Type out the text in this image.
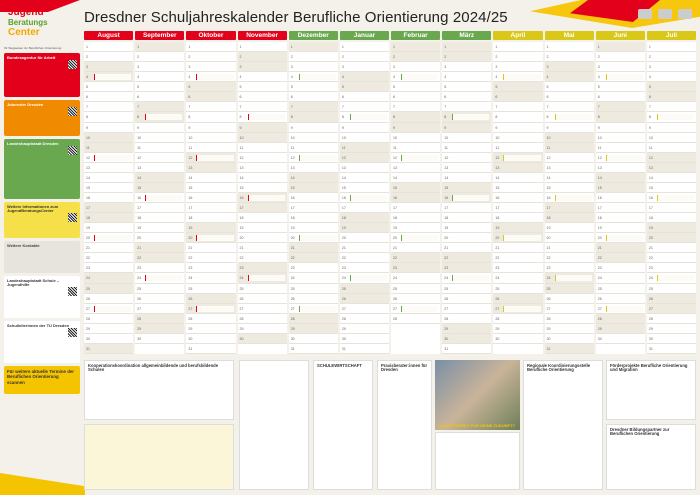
Jugend
Beratungs
Center
Dresdner Schuljahreskalender Berufliche Orientierung 2024/25
Ihr Wegweiser zur Beruflichen Orientierung
Bundesagentur für Arbeit
Jobcenter Dresden
Landeshauptstadt Dresden
Weitere Informationen zum JugendBeratungsCenter
Weitere Kontakte
Landeshauptstadt Schule – Jugendhilfe
Schulleiterinnen der TU Dresden
Für weitere aktuelle Termine der Beruflichen Orientierung scannen
August
1
2
3
4
5
6
7
8
9
10
11
12
13
14
15
16
17
18
19
20
21
22
23
24
25
26
27
28
29
30
31
September
1
2
3
4
5
6
7
8
9
10
11
12
13
14
15
16
17
18
19
20
21
22
23
24
25
26
27
28
29
30
Oktober
1
2
3
4
5
6
7
8
9
10
11
12
13
14
15
16
17
18
19
20
21
22
23
24
25
26
27
28
29
30
31
November
1
2
3
4
5
6
7
8
9
10
11
12
13
14
15
16
17
18
19
20
21
22
23
24
25
26
27
28
29
30
Dezember
1
2
3
4
5
6
7
8
9
10
11
12
13
14
15
16
17
18
19
20
21
22
23
24
25
26
27
28
29
30
31
Januar
1
2
3
4
5
6
7
8
9
10
11
12
13
14
15
16
17
18
19
20
21
22
23
24
25
26
27
28
29
30
31
Februar
1
2
3
4
5
6
7
8
9
10
11
12
13
14
15
16
17
18
19
20
21
22
23
24
25
26
27
28
März
1
2
3
4
5
6
7
8
9
10
11
12
13
14
15
16
17
18
19
20
21
22
23
24
25
26
27
28
29
30
31
April
1
2
3
4
5
6
7
8
9
10
11
12
13
14
15
16
17
18
19
20
21
22
23
24
25
26
27
28
29
30
Mai
1
2
3
4
5
6
7
8
9
10
11
12
13
14
15
16
17
18
19
20
21
22
23
24
25
26
27
28
29
30
31
Juni
1
2
3
4
5
6
7
8
9
10
11
12
13
14
15
16
17
18
19
20
21
22
23
24
25
26
27
28
29
30
Juli
1
2
3
4
5
6
7
8
9
10
11
12
13
14
15
16
17
18
19
20
21
22
23
24
25
26
27
28
29
30
31
Kooperationskoordination allgemeinbildende und berufsbildende Schulen
SCHULEWIRTSCHAFT	Praxisberater:innen für Dresden
DU BIST BEREIT FÜR DEINE ZUKUNFT?
Regionale Koordinierungsstelle Berufliche Orientierung
Förderprojekte Berufliche Orientierung und Migration
Dresdner Bildungspartner zur Beruflichen Orientierung
